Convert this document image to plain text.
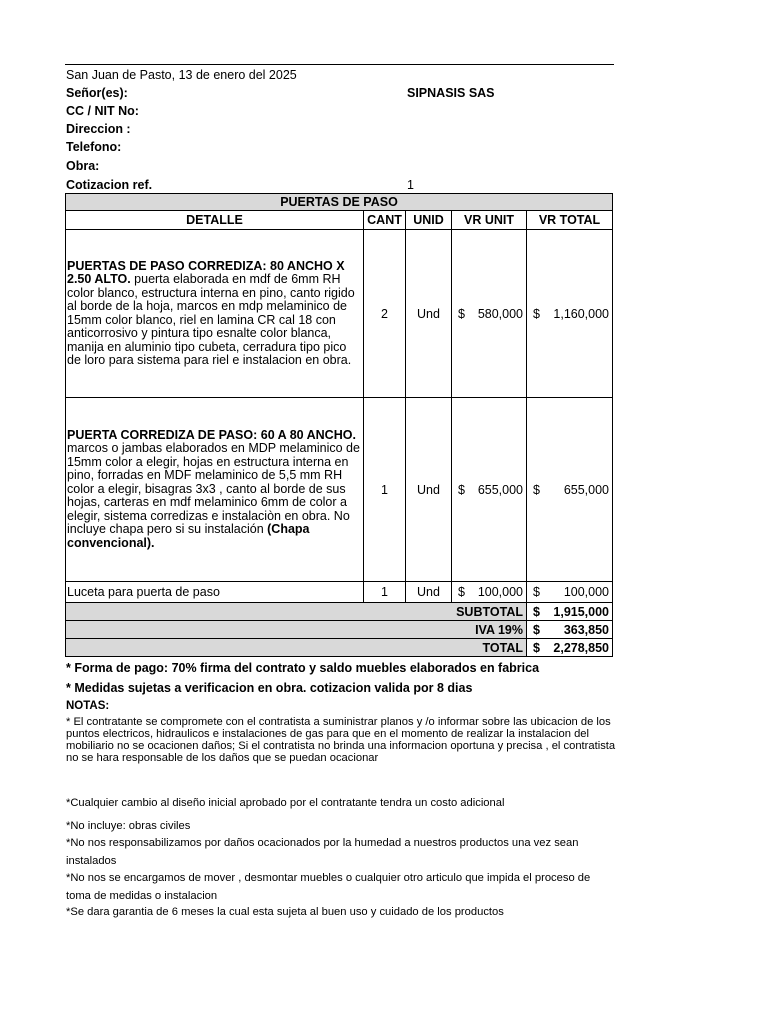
San Juan de Pasto, 13 de enero del 2025
Señor(es):	SIPNASIS SAS
CC / NIT No:
Direccion :
Telefono:
Obra:
Cotizacion ref.	1
PUERTAS DE PASO				
DETALLE	CANT	UNID	VR UNIT	VR TOTAL
PUERTAS DE PASO CORREDIZA: 80 ANCHO X 2.50 ALTO. puerta elaborada en mdf de 6mm RH color blanco, estructura interna en pino, canto rigido al borde de la hoja, marcos en mdp melaminico de 15mm color blanco, riel en lamina CR cal 18 con anticorrosivo y pintura tipo esnalte color blanca, manija en aluminio tipo cubeta, cerradura tipo pico de loro para sistema para riel e instalacion en obra.	2	Und	$ 580,000	$ 1,160,000

PUERTA CORREDIZA DE PASO: 60 A 80 ANCHO.
marcos o jambas elaborados en MDP melaminico de 15mm color a elegir, hojas en estructura interna en pino, forradas en MDF melaminico de 5,5 mm RH color a elegir, bisagras 3x3 , canto al borde de sus hojas, carteras en mdf melaminico 6mm de color a elegir, sistema corredizas e instalaciòn en obra. No incluye chapa pero si su instalación (Chapa convencional).	1	Und	$ 655,000	$ 655,000

Luceta para puerta de paso	1	Und	$ 100,000	$ 100,000

SUBTOTAL				$ 1,915,000

IVA 19%				$ 363,850

TOTAL				$ 2,278,850
* Forma de pago: 70% firma del contrato y saldo muebles elaborados en fabrica
* Medidas sujetas a verificacion en obra. cotizacion valida por 8 dias
NOTAS:
* El contratante se compromete con el contratista a suministrar planos y /o informar sobre las ubicacion de los puntos electricos, hidraulicos e instalaciones de gas para que en el momento de realizar la instalacion del mobiliario no se ocacionen daños; Si el contratista no brinda una informacion oportuna y precisa , el contratista no se hara responsable de los daños que se puedan ocacionar
*Cualquier cambio al diseño inicial aprobado por el contratante tendra un costo adicional
*No incluye: obras civiles
*No nos responsabilizamos por daños ocacionados por la humedad a nuestros productos una vez sean instalados
*No nos se encargamos de mover , desmontar muebles o cualquier otro articulo que impida el proceso de toma de medidas o instalacion
*Se dara garantia de 6 meses la cual esta sujeta al buen uso y cuidado de los productos
